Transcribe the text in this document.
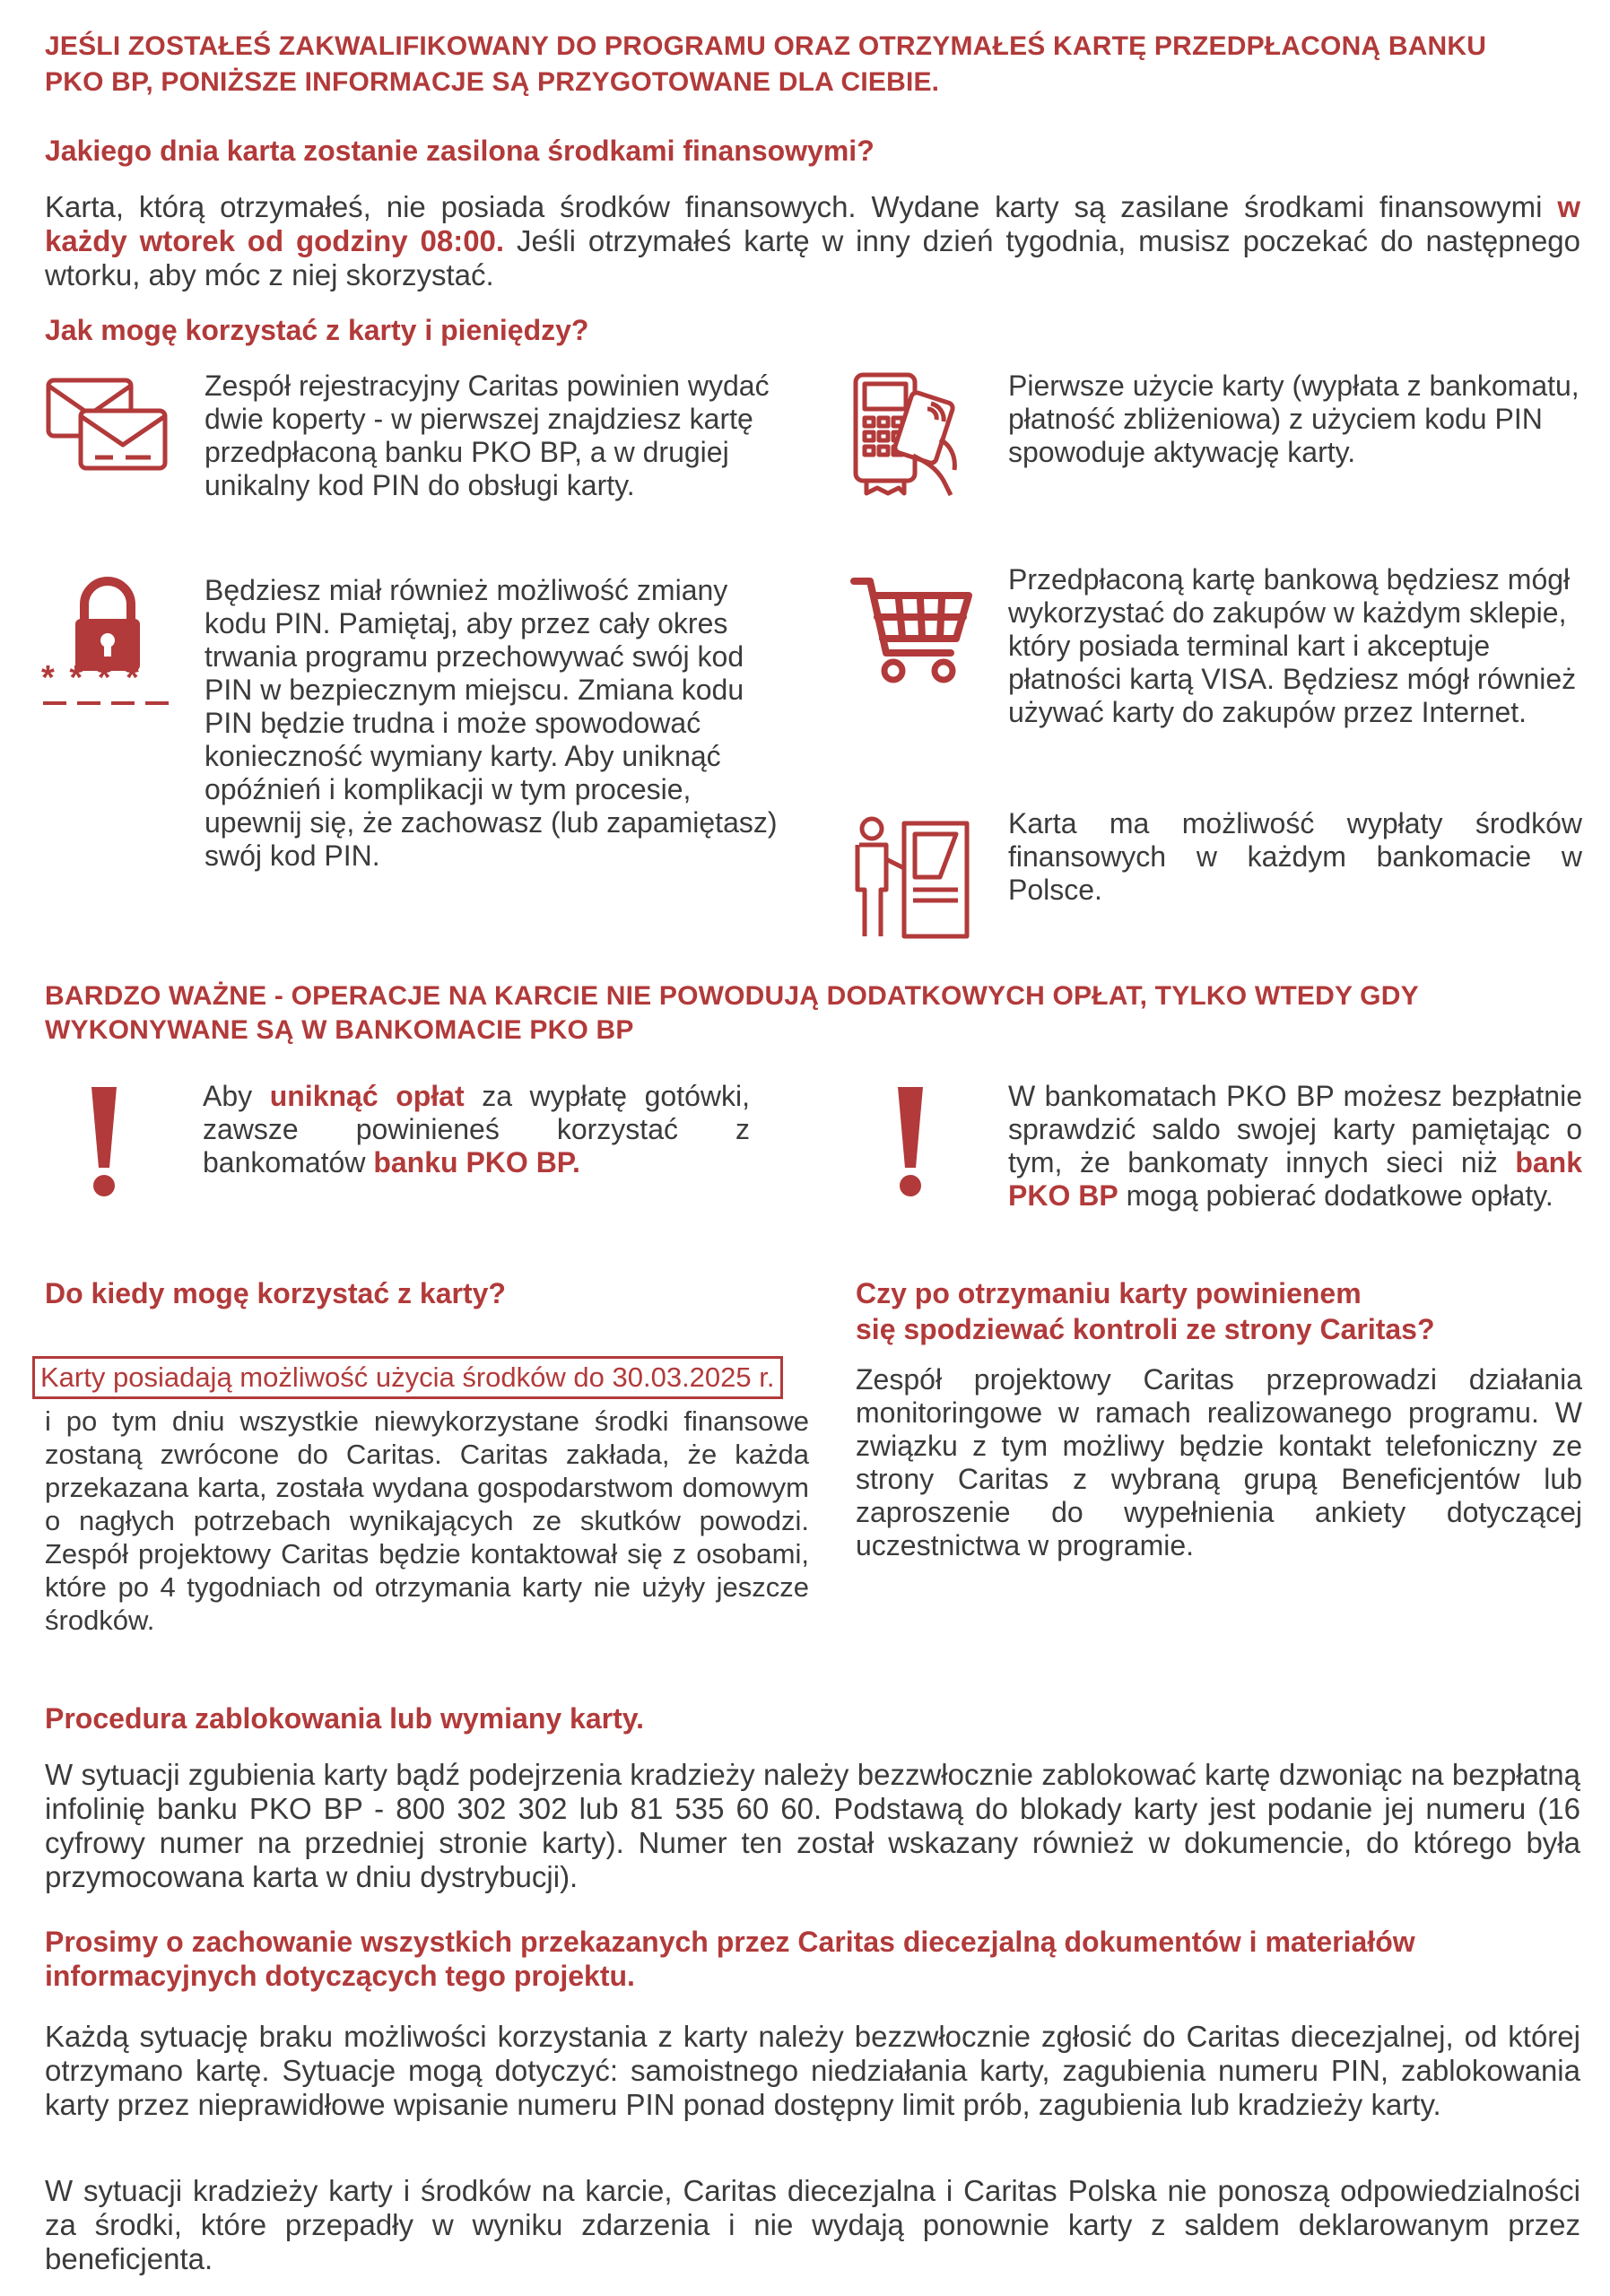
JEŚLI ZOSTAŁEŚ ZAKWALIFIKOWANY DO PROGRAMU ORAZ OTRZYMAŁEŚ KARTĘ PRZEDPŁACONĄ BANKU
PKO BP, PONIŻSZE INFORMACJE SĄ PRZYGOTOWANE DLA CIEBIE.
Jakiego dnia karta zostanie zasilona środkami finansowymi?
Karta, którą otrzymałeś, nie posiada środków finansowych. Wydane karty są zasilane środkami finansowymi w każdy wtorek od godziny 08:00. Jeśli otrzymałeś kartę w inny dzień tygodnia, musisz poczekać do następnego wtorku, aby móc z niej skorzystać.
Jak mogę korzystać z karty i pieniędzy?
Zespół rejestracyjny Caritas powinien wydać dwie koperty - w pierwszej znajdziesz kartę przedpłaconą banku PKO BP, a w drugiej unikalny kod PIN do obsługi karty.
* * * *
Będziesz miał również możliwość zmiany kodu PIN. Pamiętaj, aby przez cały okres trwania programu przechowywać swój kod PIN w bezpiecznym miejscu. Zmiana kodu PIN będzie trudna i może spowodować konieczność wymiany karty. Aby uniknąć opóźnień i komplikacji w tym procesie, upewnij się, że zachowasz (lub zapamiętasz) swój kod PIN.
Pierwsze użycie karty (wypłata z bankomatu, płatność zbliżeniowa) z użyciem kodu PIN spowoduje aktywację karty.
Przedpłaconą kartę bankową będziesz mógł wykorzystać do zakupów w każdym sklepie, który posiada terminal kart i akceptuje płatności kartą VISA. Będziesz mógł również używać karty do zakupów przez Internet.
Karta ma możliwość wypłaty środków finansowych w każdym bankomacie w Polsce.
BARDZO WAŻNE - OPERACJE NA KARCIE NIE POWODUJĄ DODATKOWYCH OPŁAT, TYLKO WTEDY GDY
WYKONYWANE SĄ W BANKOMACIE PKO BP
Aby uniknąć opłat za wypłatę gotówki, zawsze powinieneś korzystać z bankomatów banku PKO BP.
W bankomatach PKO BP możesz bezpłatnie sprawdzić saldo swojej karty pamiętając o tym, że bankomaty innych sieci niż bank PKO BP mogą pobierać dodatkowe opłaty.
Do kiedy mogę korzystać z karty?
Karty posiadają możliwość użycia środków do 30.03.2025 r.
i po tym dniu wszystkie niewykorzystane środki finansowe zostaną zwrócone do Caritas. Caritas zakłada, że każda przekazana karta, została wydana gospodarstwom domowym o nagłych potrzebach wynikających ze skutków powodzi. Zespół projektowy Caritas będzie kontaktował się z osobami, które po 4 tygodniach od otrzymania karty nie użyły jeszcze środków.
Czy po otrzymaniu karty powinienem
się spodziewać kontroli ze strony Caritas?
Zespół projektowy Caritas przeprowadzi działania monitoringowe w ramach realizowanego programu. W związku z tym możliwy będzie kontakt telefoniczny ze strony Caritas z wybraną grupą Beneficjentów lub zaproszenie do wypełnienia ankiety dotyczącej uczestnictwa w programie.
Procedura zablokowania lub wymiany karty.
W sytuacji zgubienia karty bądź podejrzenia kradzieży należy bezzwłocznie zablokować kartę dzwoniąc na bezpłatną infolinię banku PKO BP - 800 302 302 lub 81 535 60 60. Podstawą do blokady karty jest podanie jej numeru (16 cyfrowy numer na przedniej stronie karty). Numer ten został wskazany również w dokumencie, do którego była przymocowana karta w dniu dystrybucji).
Prosimy o zachowanie wszystkich przekazanych przez Caritas diecezjalną dokumentów i materiałów
informacyjnych dotyczących tego projektu.
Każdą sytuację braku możliwości korzystania z karty należy bezzwłocznie zgłosić do Caritas diecezjalnej, od której otrzymano kartę. Sytuacje mogą dotyczyć: samoistnego niedziałania karty, zagubienia numeru PIN, zablokowania karty przez nieprawidłowe wpisanie numeru PIN ponad dostępny limit prób, zagubienia lub kradzieży karty.
W sytuacji kradzieży karty i środków na karcie, Caritas diecezjalna i Caritas Polska nie ponoszą odpowiedzialności za środki, które przepadły w wyniku zdarzenia i nie wydają ponownie karty z saldem deklarowanym przez beneficjenta.
